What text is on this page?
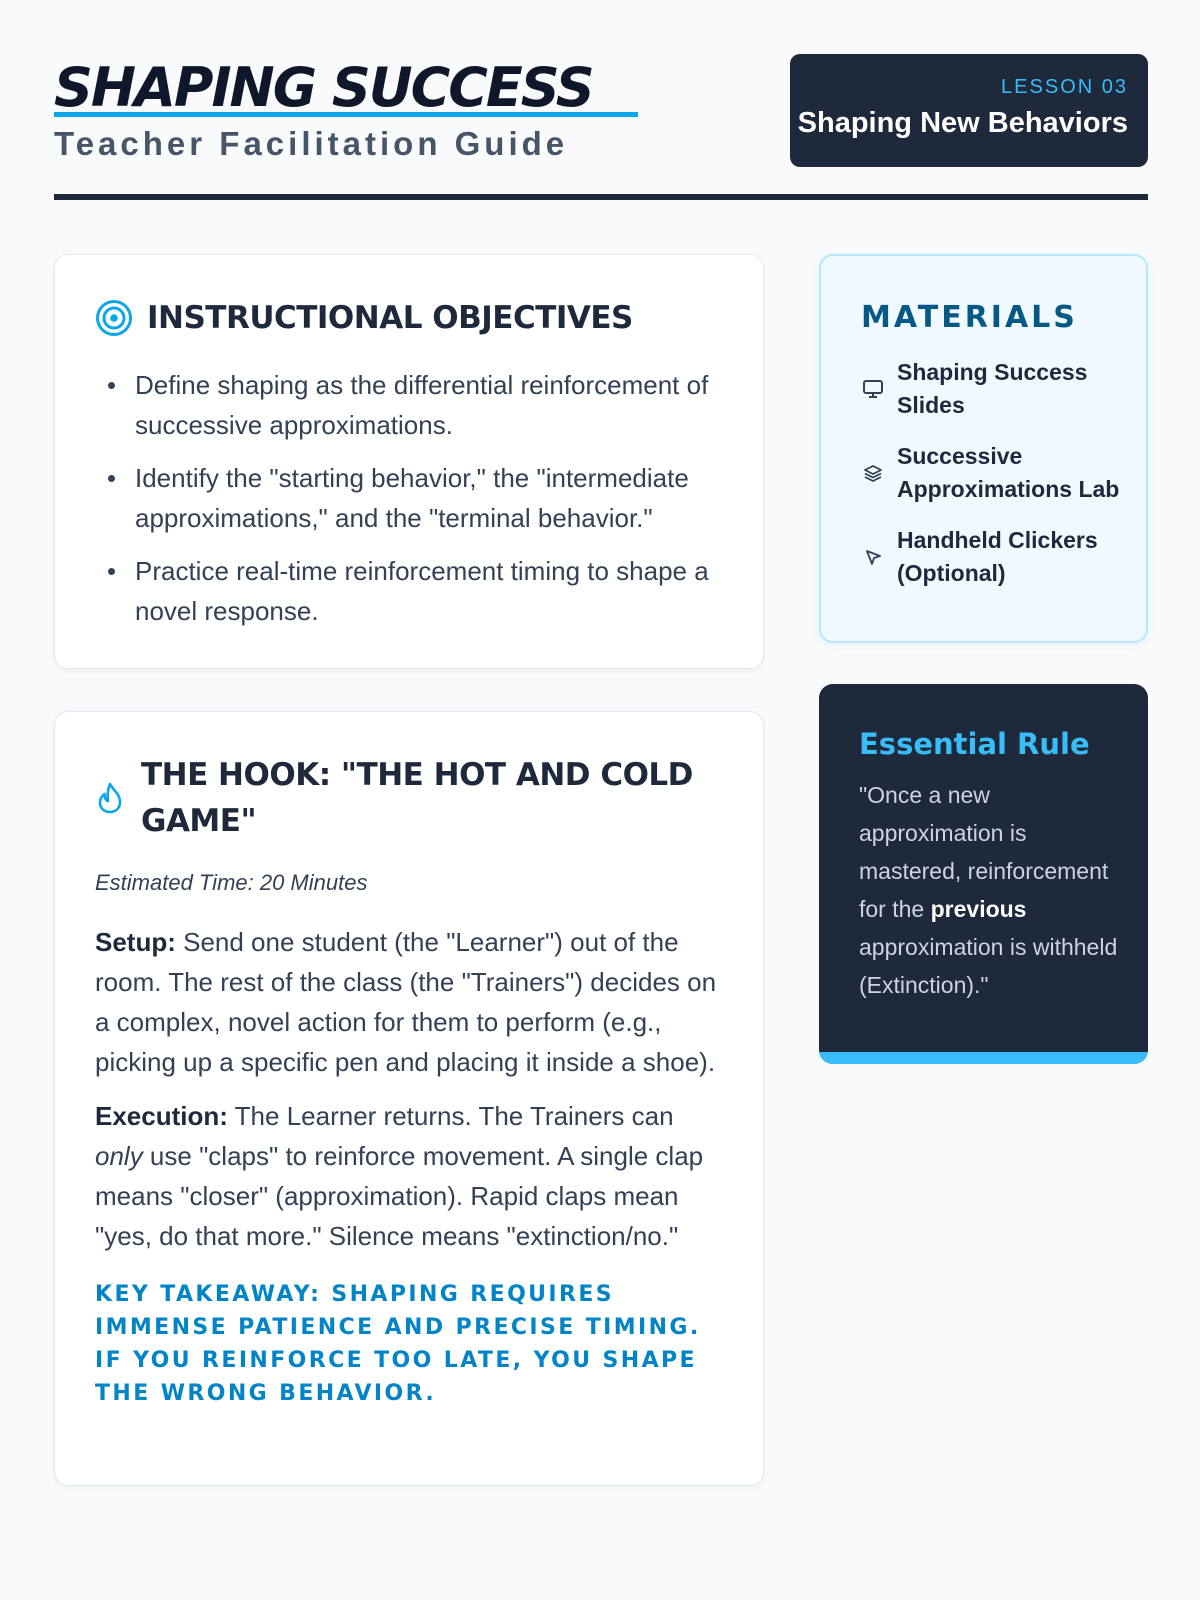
SHAPING SUCCESS
Teacher Facilitation Guide
LESSON 03
Shaping New Behaviors
INSTRUCTIONAL OBJECTIVES
Define shaping as the differential reinforcement of successive approximations.
Identify the "starting behavior," the "intermediate approximations," and the "terminal behavior."
Practice real-time reinforcement timing to shape a novel response.
THE HOOK: "THE HOT AND COLD GAME"
Estimated Time: 20 Minutes

Setup: Send one student (the "Learner") out of the room. The rest of the class (the "Trainers") decides on a complex, novel action for them to perform (e.g., picking up a specific pen and placing it inside a shoe).

Execution: The Learner returns. The Trainers can only use "claps" to reinforce movement. A single clap means "closer" (approximation). Rapid claps mean "yes, do that more." Silence means "extinction/no."

KEY TAKEAWAY: SHAPING REQUIRES IMMENSE PATIENCE AND PRECISE TIMING. IF YOU REINFORCE TOO LATE, YOU SHAPE THE WRONG BEHAVIOR.
MATERIALS
Shaping Success Slides
Successive Approximations Lab
Handheld Clickers (Optional)
Essential Rule

"Once a new approximation is mastered, reinforcement for the previous approximation is withheld (Extinction)."
